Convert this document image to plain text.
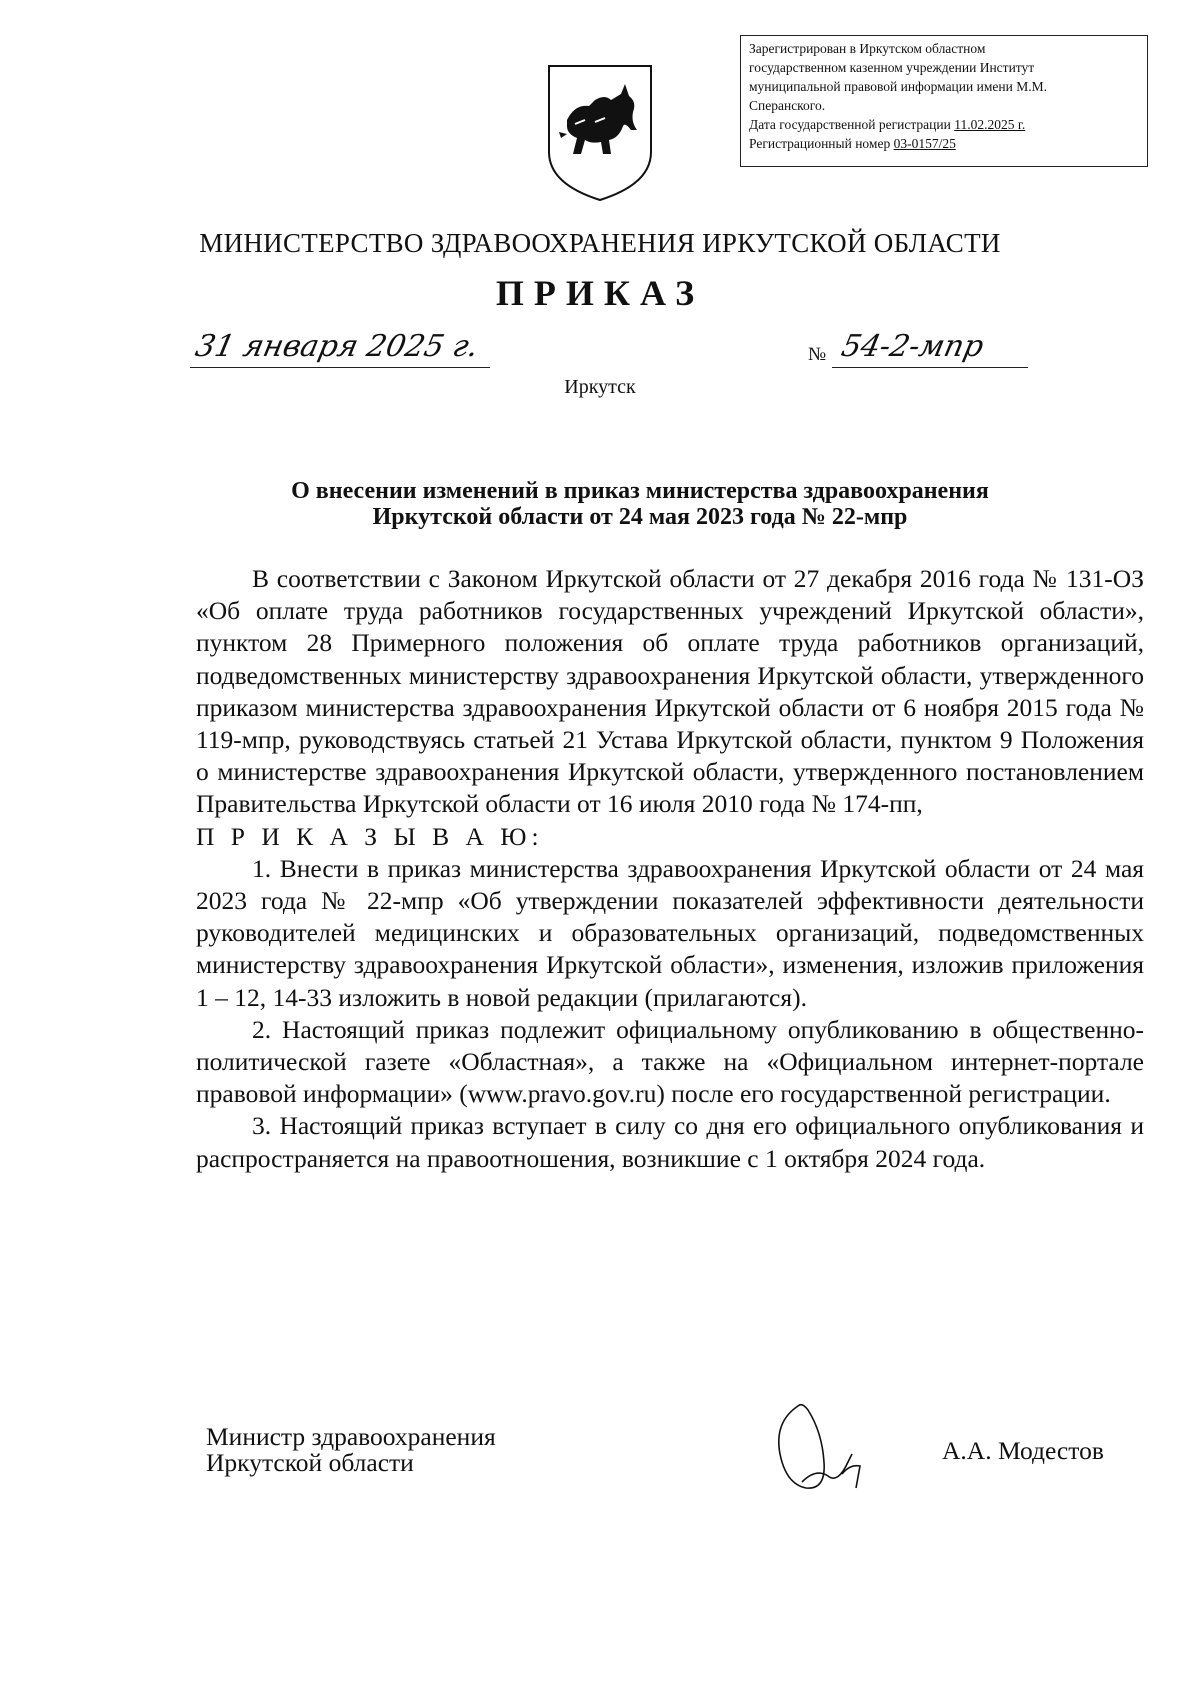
Зарегистрирован в Иркутском областном
государственном казенном учреждении Институт
муниципальной правовой информации имени М.М.
Сперанского.
Дата государственной регистрации 11.02.2025 г.
Регистрационный номер 03-0157/25
МИНИСТЕРСТВО ЗДРАВООХРАНЕНИЯ ИРКУТСКОЙ ОБЛАСТИ
ПРИКАЗ
31 января 2025 г.	№ 54-2-мпр
Иркутск
О внесении изменений в приказ министерства здравоохранения
Иркутской области от 24 мая 2023 года № 22-мпр

В соответствии с Законом Иркутской области от 27 декабря 2016 года № 131-ОЗ «Об оплате труда работников государственных учреждений Иркутской области», пунктом 28 Примерного положения об оплате труда работников организаций, подведомственных министерству здравоохранения Иркутской области, утвержденного приказом министерства здравоохранения Иркутской области от 6 ноября 2015 года № 119-мпр, руководствуясь статьей 21 Устава Иркутской области, пунктом 9 Положения о министерстве здравоохранения Иркутской области, утвержденного постановлением Правительства Иркутской области от 16 июля 2010 года № 174-пп,

П Р И К А З Ы В А Ю:

1. Внести в приказ министерства здравоохранения Иркутской области от 24 мая 2023 года № 22-мпр «Об утверждении показателей эффективности деятельности руководителей медицинских и образовательных организаций, подведомственных министерству здравоохранения Иркутской области», изменения, изложив приложения 1 – 12, 14-33 изложить в новой редакции (прилагаются).

2. Настоящий приказ подлежит официальному опубликованию в общественно-политической газете «Областная», а также на «Официальном интернет-портале правовой информации» (www.pravo.gov.ru) после его государственной регистрации.

3. Настоящий приказ вступает в силу со дня его официального опубликования и распространяется на правоотношения, возникшие с 1 октября 2024 года.

Министр здравоохранения
Иркутской области	А.А. Модестов
